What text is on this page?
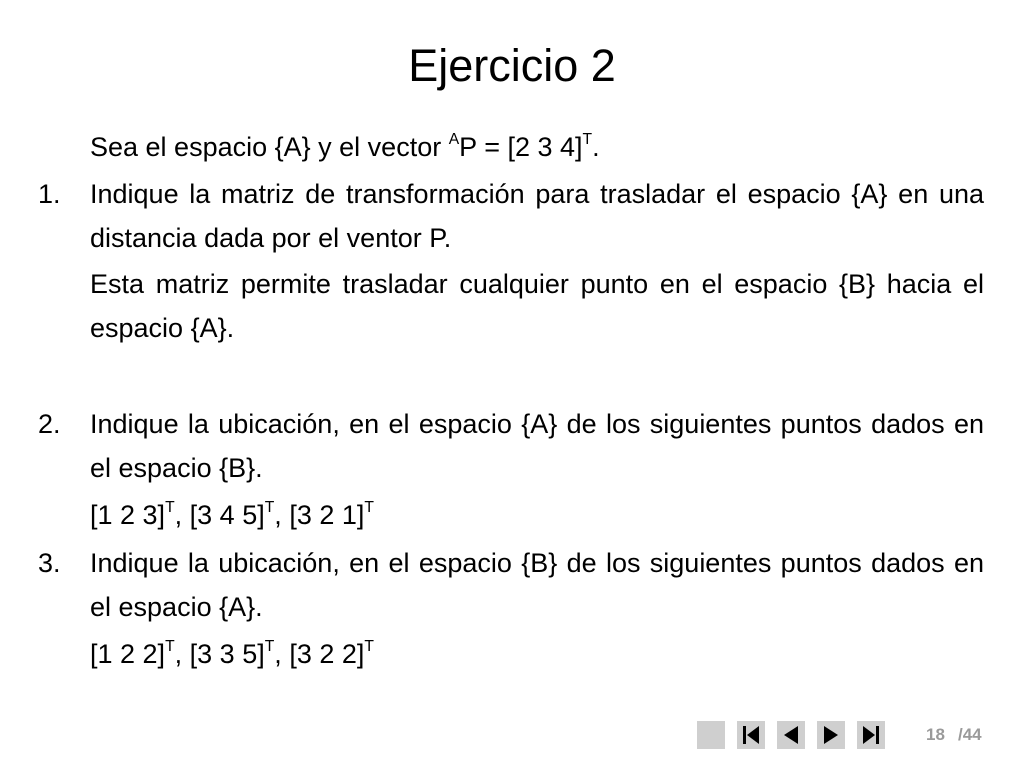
Ejercicio 2
Sea el espacio {A} y el vector $^A$P = [2 3 4]$^T$.
1. Indique la matriz de transformación para trasladar el espacio {A} en una distancia dada por el ventor P.
Esta matriz permite trasladar cualquier punto en el espacio {B} hacia el espacio {A}.
2. Indique la ubicación, en el espacio {A} de los siguientes puntos dados en el espacio {B}.
[1 2 3]$^T$, [3 4 5]$^T$, [3 2 1]$^T$
3. Indique la ubicación, en el espacio {B} de los siguientes puntos dados en el espacio {A}.
[1 2 2]$^T$, [3 3 5]$^T$, [3 2 2]$^T$
18 /44
